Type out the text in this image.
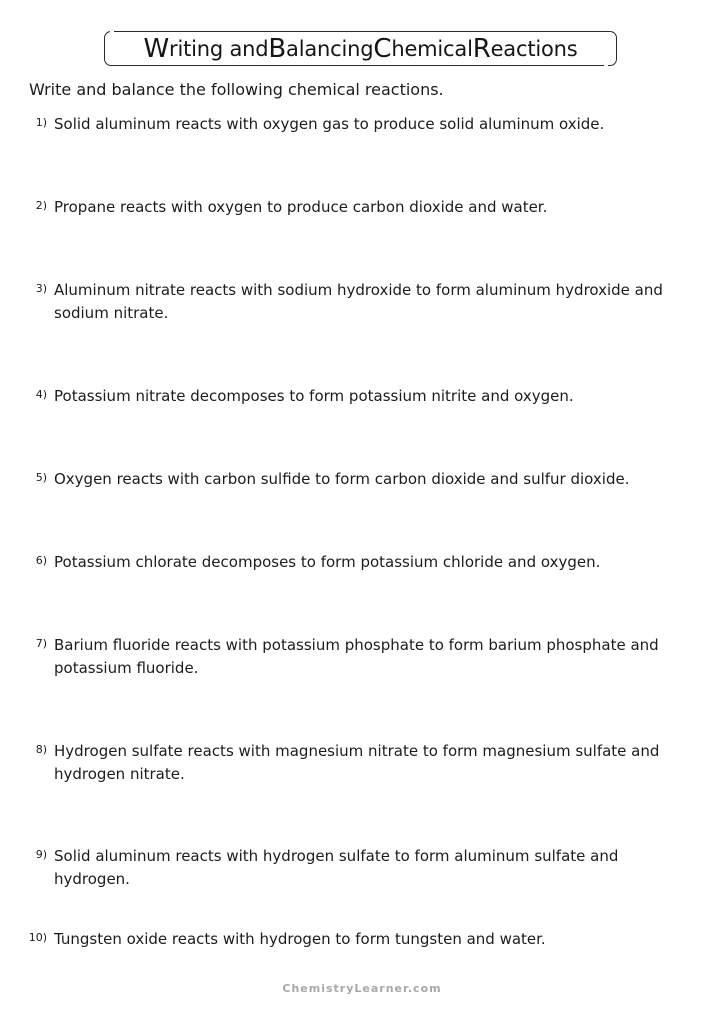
W riting and B alancing C hemical R eactions
Write and balance the following chemical reactions.
1) Solid aluminum reacts with oxygen gas to produce solid aluminum oxide.
2) Propane reacts with oxygen to produce carbon dioxide and water.
3) Aluminum nitrate reacts with sodium hydroxide to form aluminum hydroxide and sodium nitrate.
4) Potassium nitrate decomposes to form potassium nitrite and oxygen.
5) Oxygen reacts with carbon sulfide to form carbon dioxide and sulfur dioxide.
6) Potassium chlorate decomposes to form potassium chloride and oxygen.
7) Barium fluoride reacts with potassium phosphate to form barium phosphate and potassium fluoride.
8) Hydrogen sulfate reacts with magnesium nitrate to form magnesium sulfate and hydrogen nitrate.
9) Solid aluminum reacts with hydrogen sulfate to form aluminum sulfate and hydrogen.
10) Tungsten oxide reacts with hydrogen to form tungsten and water.
ChemistryLearner.com
